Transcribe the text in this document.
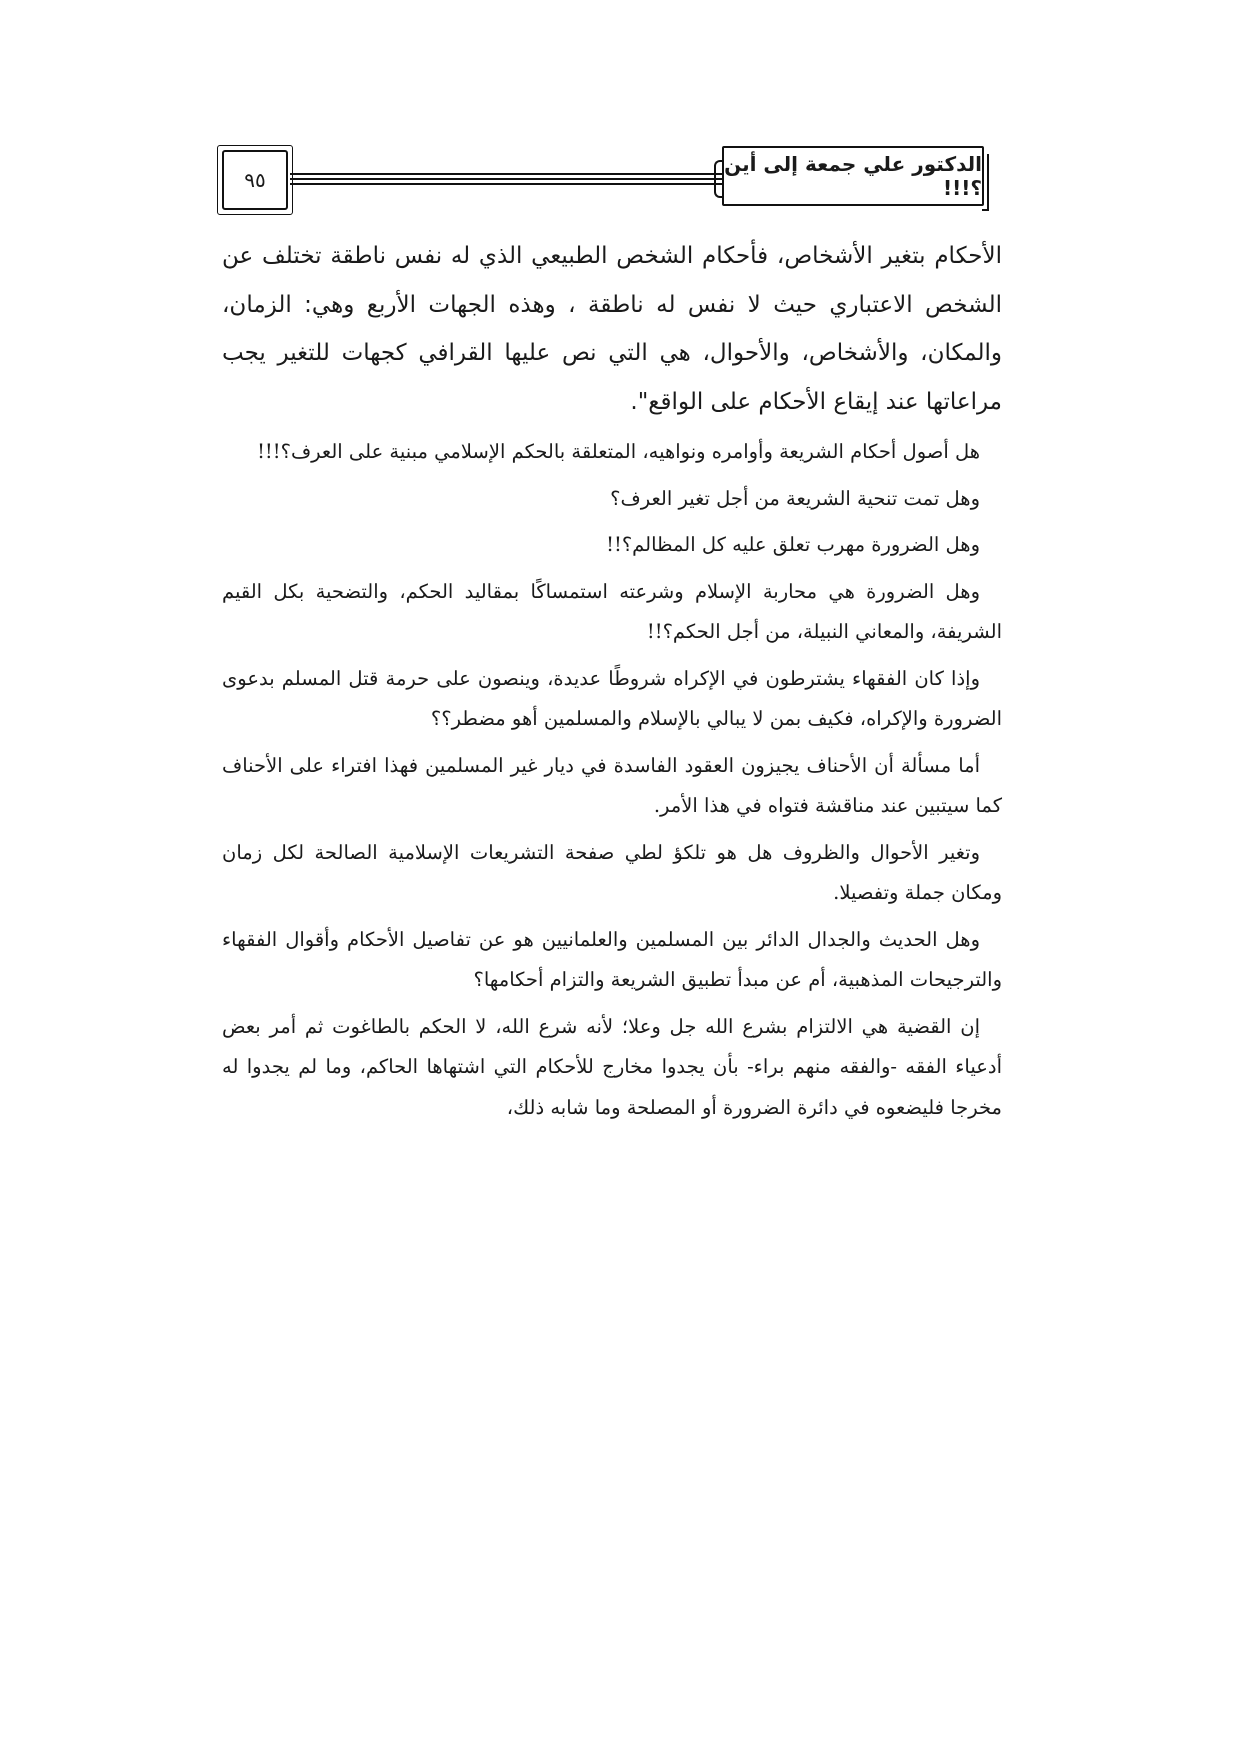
٩٥
الدكتور علي جمعة إلى أين ؟!!!

الأحكام بتغير الأشخاص، فأحكام الشخص الطبيعي الذي له نفس ناطقة تختلف عن الشخص الاعتباري حيث لا نفس له ناطقة ، وهذه الجهات الأربع وهي: الزمان، والمكان، والأشخاص، والأحوال، هي التي نص عليها القرافي كجهات للتغير يجب مراعاتها عند إيقاع الأحكام على الواقع".

هل أصول أحكام الشريعة وأوامره ونواهيه، المتعلقة بالحكم الإسلامي مبنية على العرف؟!!!

وهل تمت تنحية الشريعة من أجل تغير العرف؟

وهل الضرورة مهرب تعلق عليه كل المظالم؟!!

وهل الضرورة هي محاربة الإسلام وشرعته استمساكًا بمقاليد الحكم، والتضحية بكل القيم الشريفة، والمعاني النبيلة، من أجل الحكم؟!!

وإذا كان الفقهاء يشترطون في الإكراه شروطًا عديدة، وينصون على حرمة قتل المسلم بدعوى الضرورة والإكراه، فكيف بمن لا يبالي بالإسلام والمسلمين أهو مضطر؟؟

أما مسألة أن الأحناف يجيزون العقود الفاسدة في ديار غير المسلمين فهذا افتراء على الأحناف كما سيتبين عند مناقشة فتواه في هذا الأمر.

وتغير الأحوال والظروف هل هو تلكؤ لطي صفحة التشريعات الإسلامية الصالحة لكل زمان ومكان جملة وتفصيلا.

وهل الحديث والجدال الدائر بين المسلمين والعلمانيين هو عن تفاصيل الأحكام وأقوال الفقهاء والترجيحات المذهبية، أم عن مبدأ تطبيق الشريعة والتزام أحكامها؟

إن القضية هي الالتزام بشرع الله جل وعلا؛ لأنه شرع الله، لا الحكم بالطاغوت ثم أمر بعض أدعياء الفقه -والفقه منهم براء- بأن يجدوا مخارج للأحكام التي اشتهاها الحاكم، وما لم يجدوا له مخرجا فليضعوه في دائرة الضرورة أو المصلحة وما شابه ذلك،
